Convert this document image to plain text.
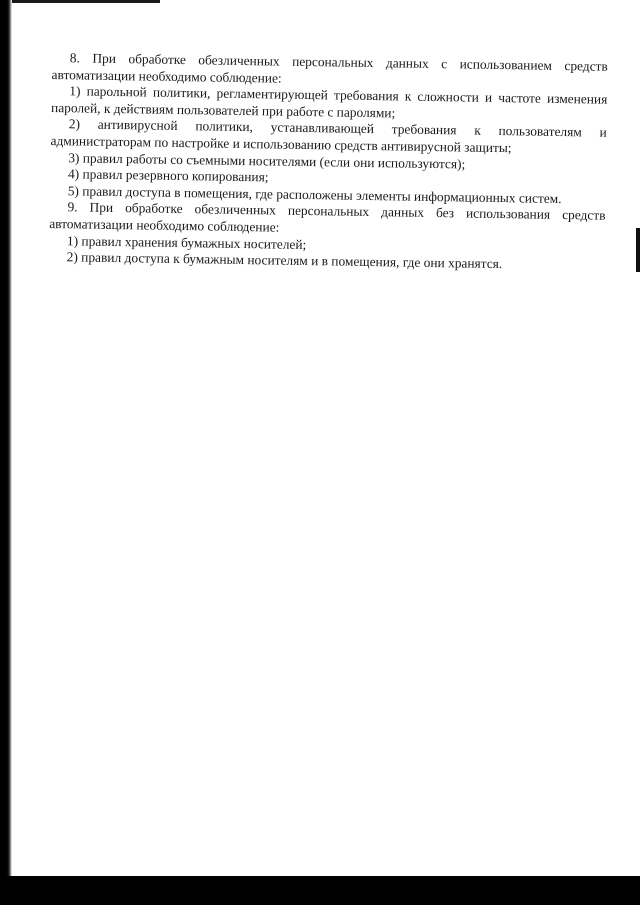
8. При обработке обезличенных персональных данных с использованием средств автоматизации необходимо соблюдение:

1) парольной политики, регламентирующей требования к сложности и частоте изменения паролей, к действиям пользователей при работе с паролями;

2) антивирусной политики, устанавливающей требования к пользователям и администраторам по настройке и использованию средств антивирусной защиты;

3) правил работы со съемными носителями (если они используются);

4) правил резервного копирования;

5) правил доступа в помещения, где расположены элементы информационных систем.

9. При обработке обезличенных персональных данных без использования средств автоматизации необходимо соблюдение:

1) правил хранения бумажных носителей;

2) правил доступа к бумажным носителям и в помещения, где они хранятся.
